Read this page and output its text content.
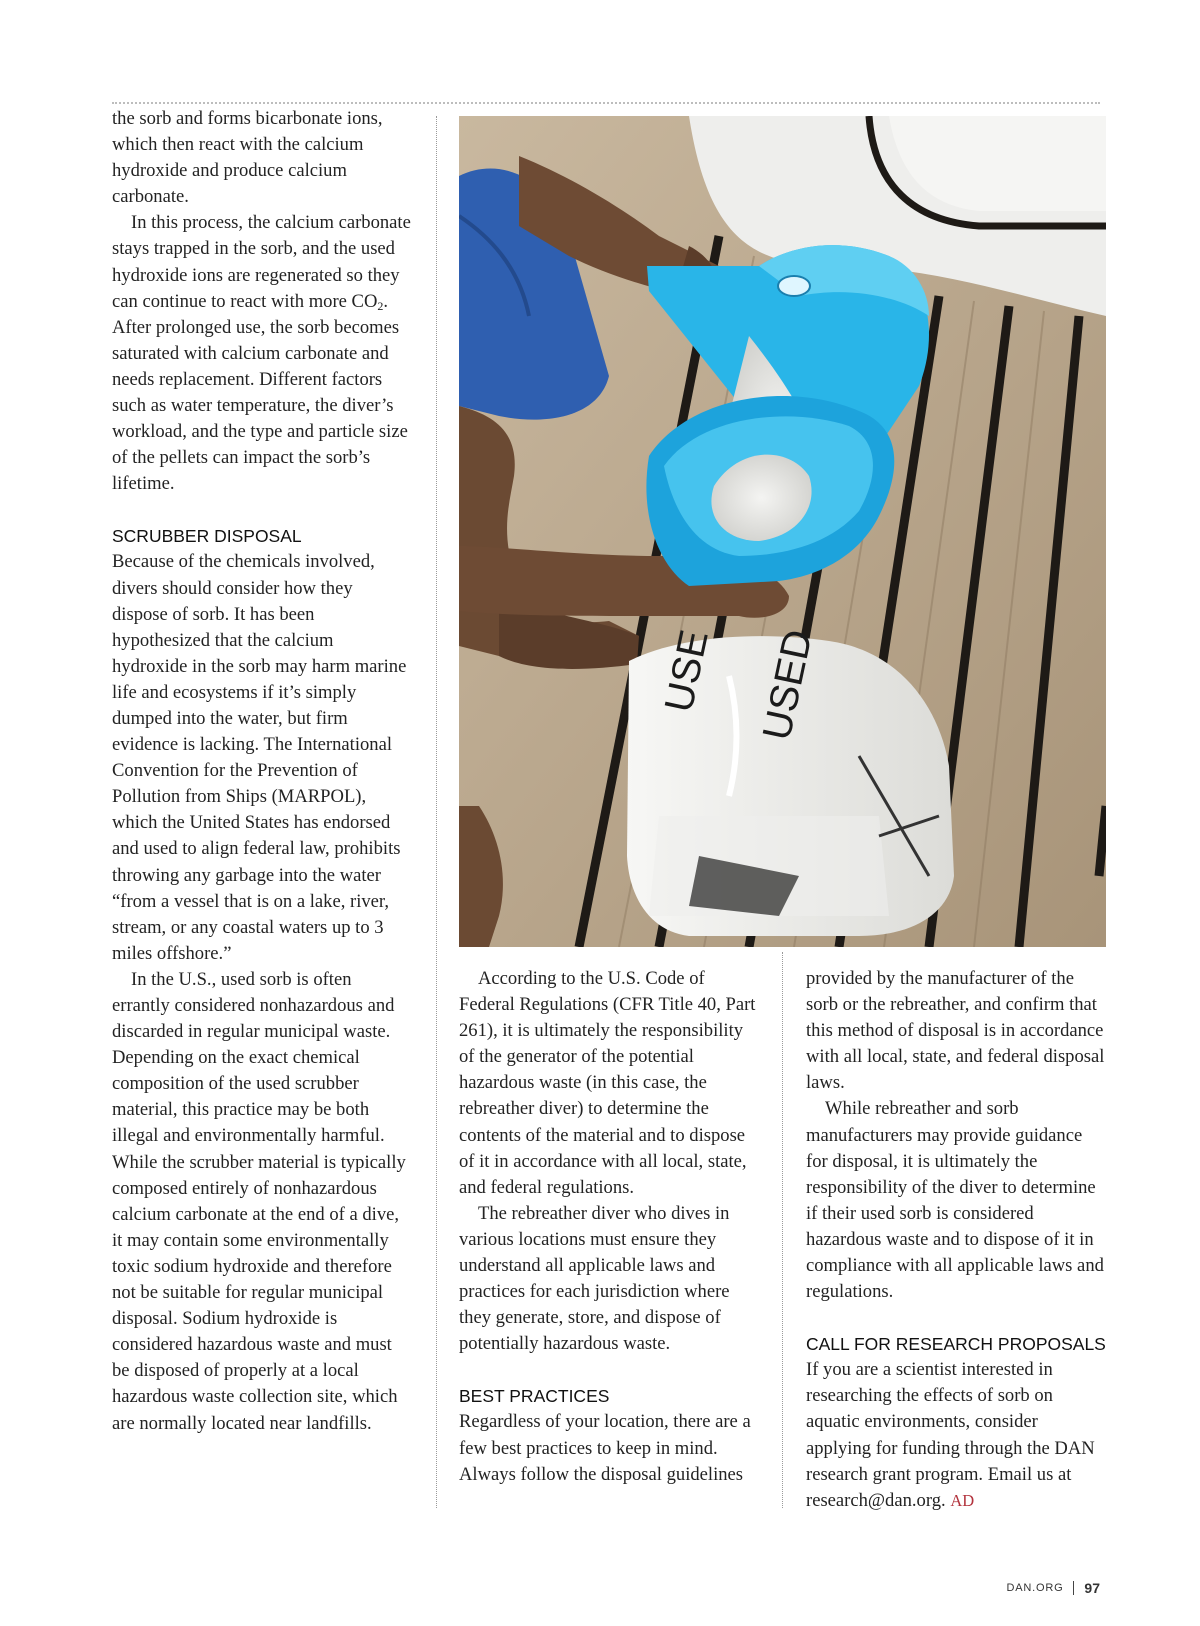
the sorb and forms bicarbonate ions, which then react with the calcium hydroxide and produce calcium carbonate.

In this process, the calcium carbonate stays trapped in the sorb, and the used hydroxide ions are regenerated so they can continue to react with more $CO_2$. After prolonged use, the sorb becomes saturated with calcium carbonate and needs replacement. Different factors such as water temperature, the diver’s workload, and the type and particle size of the pellets can impact the sorb’s lifetime.

SCRUBBER DISPOSAL

Because of the chemicals involved, divers should consider how they dispose of sorb. It has been hypothesized that the calcium hydroxide in the sorb may harm marine life and ecosystems if it’s simply dumped into the water, but firm evidence is lacking. The International Convention for the Prevention of Pollution from Ships (MARPOL), which the United States has endorsed and used to align federal law, prohibits throwing any garbage into the water “from a vessel that is on a lake, river, stream, or any coastal waters up to 3 miles offshore.”

In the U.S., used sorb is often errantly considered nonhazardous and discarded in regular municipal waste. Depending on the exact chemical composition of the used scrubber material, this practice may be both illegal and environmentally harmful. While the scrubber material is typically composed entirely of nonhazardous calcium carbonate at the end of a dive, it may contain some environmentally toxic sodium hydroxide and therefore not be suitable for regular municipal disposal. Sodium hydroxide is considered hazardous waste and must be disposed of properly at a local hazardous waste collection site, which are normally located near landfills.

USE USED

According to the U.S. Code of Federal Regulations (CFR Title 40, Part 261), it is ultimately the responsibility of the generator of the potential hazardous waste (in this case, the rebreather diver) to determine the contents of the material and to dispose of it in accordance with all local, state, and federal regulations.

The rebreather diver who dives in various locations must ensure they understand all applicable laws and practices for each jurisdiction where they generate, store, and dispose of potentially hazardous waste.

BEST PRACTICES

Regardless of your location, there are a few best practices to keep in mind. Always follow the disposal guidelines

provided by the manufacturer of the sorb or the rebreather, and confirm that this method of disposal is in accordance with all local, state, and federal disposal laws.

While rebreather and sorb manufacturers may provide guidance for disposal, it is ultimately the responsibility of the diver to determine if their used sorb is considered hazardous waste and to dispose of it in compliance with all applicable laws and regulations.

CALL FOR RESEARCH PROPOSALS

If you are a scientist interested in researching the effects of sorb on aquatic environments, consider applying for funding through the DAN research grant program. Email us at research@dan.org. AD

DAN.ORG 97
